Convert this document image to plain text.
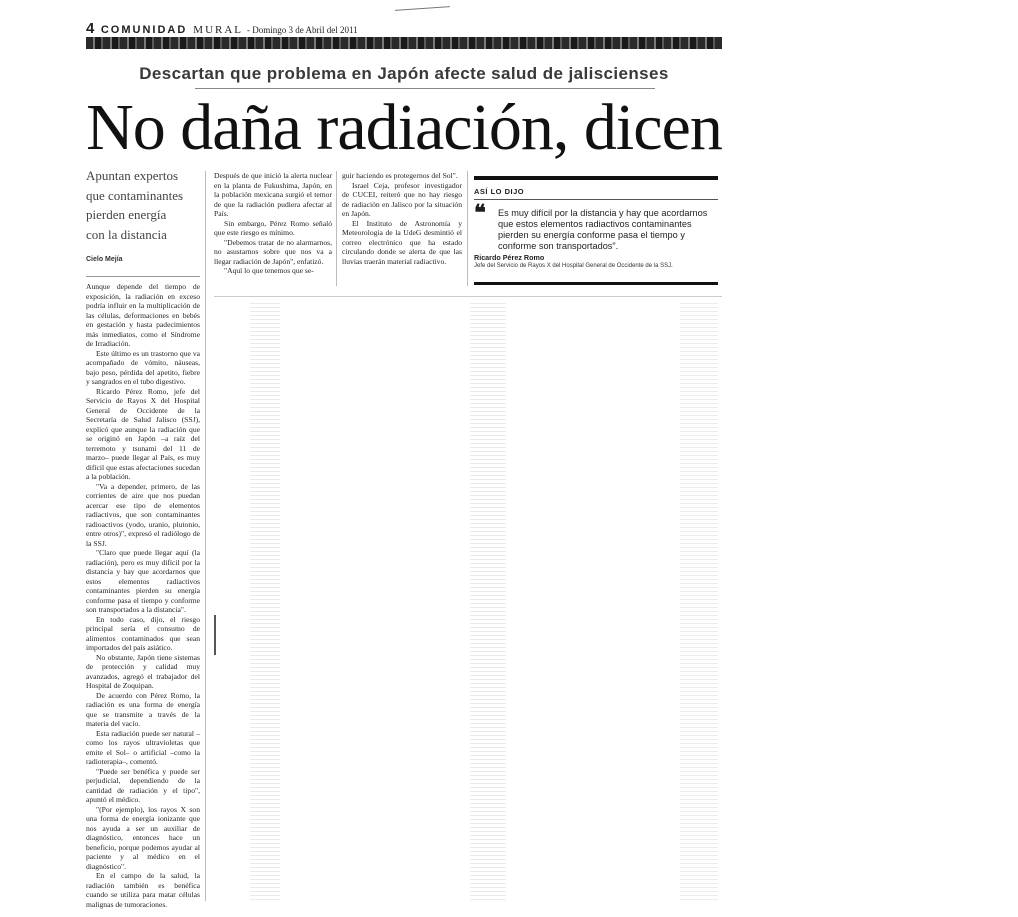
4 COMUNIDAD MURAL - Domingo 3 de Abril del 2011
Descartan que problema en Japón afecte salud de jaliscienses
No daña radiación, dicen
Apuntan expertos
que contaminantes
pierden energía
con la distancia
Cielo Mejía

Aunque depende del tiempo de exposición, la radiación en exceso podría influir en la multiplicación de las células, deformaciones en bebés en gestación y hasta padecimientos más inmediatos, como el Síndrome de Irradiación.

Este último es un trastorno que va acompañado de vómito, náuseas, bajo peso, pérdida del apetito, fiebre y sangrados en el tubo digestivo.

Ricardo Pérez Romo, jefe del Servicio de Rayos X del Hospital General de Occidente de la Secretaría de Salud Jalisco (SSJ), explicó que aunque la radiación que se originó en Japón –a raíz del terremoto y tsunami del 11 de marzo– puede llegar al País, es muy difícil que estas afectaciones sucedan a la población.

"Va a depender, primero, de las corrientes de aire que nos puedan acercar ese tipo de elementos radiactivos, que son contaminantes radioactivos (yodo, uranio, plutonio, entre otros)", expresó el radiólogo de la SSJ.

"Claro que puede llegar aquí (la radiación), pero es muy difícil por la distancia y hay que acordarnos que estos elementos radiactivos contaminantes pierden su energía conforme pasa el tiempo y conforme son transportados a la distancia".

En todo caso, dijo, el riesgo principal sería el consumo de alimentos contaminados que sean importados del país asiático.

No obstante, Japón tiene sistemas de protección y calidad muy avanzados, agregó el trabajador del Hospital de Zoquipan.

De acuerdo con Pérez Romo, la radiación es una forma de energía que se transmite a través de la materia del vacío.

Esta radiación puede ser natural –como los rayos ultravioletas que emite el Sol– o artificial –como la radioterapia–, comentó.

"Puede ser benéfica y puede ser perjudicial, dependiendo de la cantidad de radiación y el tipo", apuntó el médico.

"(Por ejemplo), los rayos X son una forma de energía ionizante que nos ayuda a ser un auxiliar de diagnóstico, entonces hace un beneficio, porque podemos ayudar al paciente y al médico en el diagnóstico".

En el campo de la salud, la radiación también es benéfica cuando se utiliza para matar células malignas de tumoraciones.

Después de que inició la alerta nuclear en la planta de Fukushima, Japón, en la población mexicana surgió el temor de que la radiación pudiera afectar al País.

Sin embargo, Pérez Romo señaló que este riesgo es mínimo.

"Debemos tratar de no alarmarnos, no asustarnos sobre que nos va a llegar radiación de Japón", enfatizó.

"Aquí lo que tenemos que se-

guir haciendo es protegernos del Sol".

Israel Ceja, profesor investigador de CUCEI, reiteró que no hay riesgo de radiación en Jalisco por la situación en Japón.

El Instituto de Astronomía y Meteorología de la UdeG desmintió el correo electrónico que ha estado circulando donde se alerta de que las lluvias traerán material radiactivo.

ASÍ LO DIJO
❝ Es muy difícil por la distancia y hay que acordarnos que estos elementos radiactivos contaminantes pierden su energía conforme pasa el tiempo y conforme son transportados".
Ricardo Pérez Romo
Jefe del Servicio de Rayos X del Hospital General de Occidente de la SSJ.
